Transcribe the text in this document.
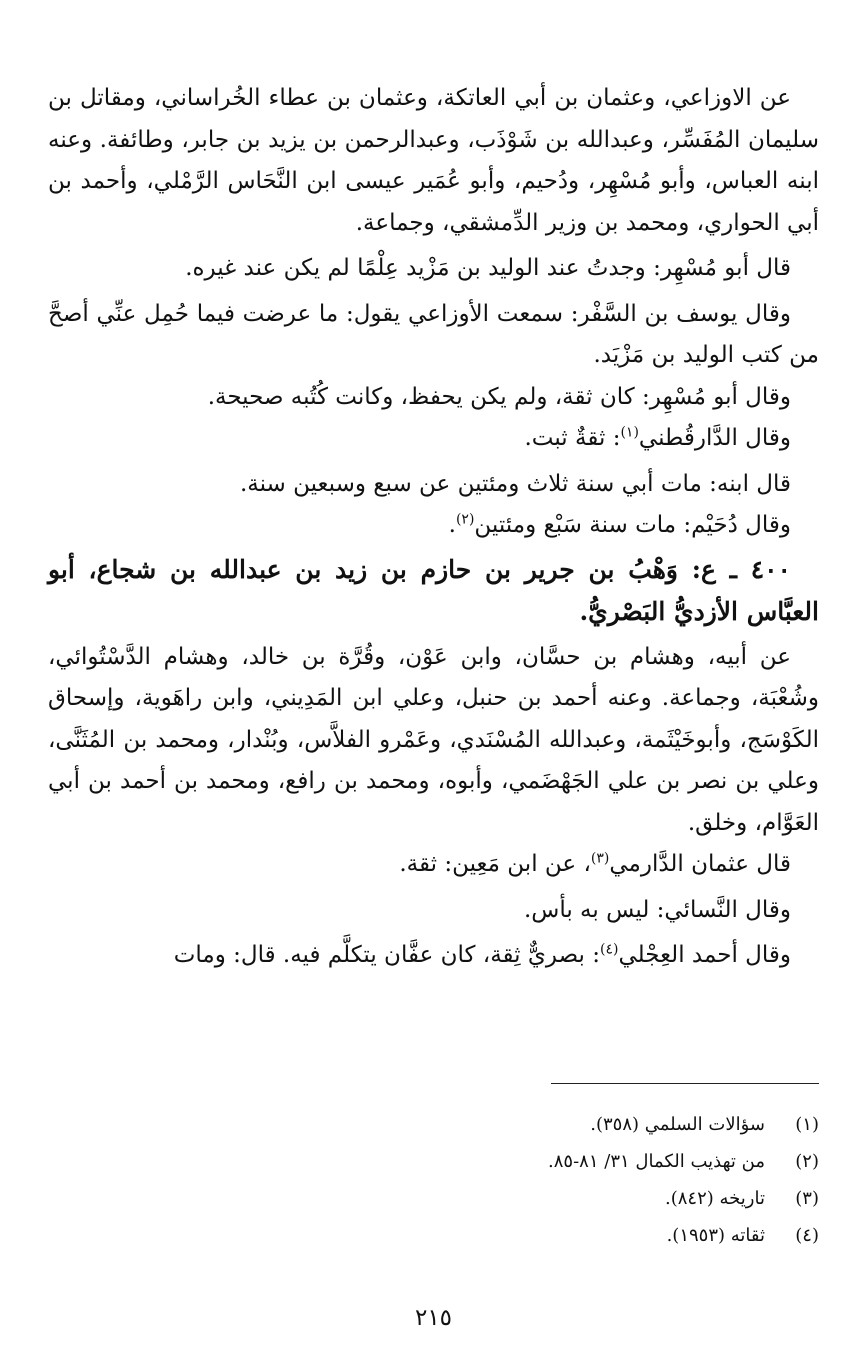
عن الاوزاعي، وعثمان بن أبي العاتكة، وعثمان بن عطاء الخُراساني، ومقاتل بن سليمان المُفَسِّر، وعبدالله بن شَوْذَب، وعبدالرحمن بن يزيد بن جابر، وطائفة. وعنه ابنه العباس، وأبو مُسْهِر، ودُحيم، وأبو عُمَير عيسى ابن النَّحَاس الرَّمْلي، وأحمد بن أبي الحواري، ومحمد بن وزير الدِّمشقي، وجماعة.

قال أبو مُسْهِر: وجدتُ عند الوليد بن مَزْيد عِلْمًا لم يكن عند غيره.

وقال يوسف بن السَّفْر: سمعت الأوزاعي يقول: ما عرضت فيما حُمِل عنِّي أصحَّ من كتب الوليد بن مَزْيَد.

وقال أبو مُسْهِر: كان ثقة، ولم يكن يحفظ، وكانت كُتُبه صحيحة.

وقال الدَّارقُطني$^{(١)}$: ثقةٌ ثبت.

قال ابنه: مات أبي سنة ثلاث ومئتين عن سبع وسبعين سنة.

وقال دُحَيْم: مات سنة سَبْع ومئتين$^{(٢)}$.

٤٠٠ ـ ع: وَهْبُ بن جرير بن حازم بن زيد بن عبدالله بن شجاع، أبو العبَّاس الأزديُّ البَصْريُّ.

عن أبيه، وهشام بن حسَّان، وابن عَوْن، وقُرَّة بن خالد، وهشام الدَّسْتُوائي، وشُعْبَة، وجماعة. وعنه أحمد بن حنبل، وعلي ابن المَدِيني، وابن راهَوية، وإسحاق الكَوْسَج، وأبوخَيْثَمة، وعبدالله المُسْنَدي، وعَمْرو الفلاَّس، وبُنْدار، ومحمد بن المُثَنَّى، وعلي بن نصر بن علي الجَهْضَمي، وأبوه، ومحمد بن رافع، ومحمد بن أحمد بن أبي العَوَّام، وخلق.

قال عثمان الدَّارمي$^{(٣)}$، عن ابن مَعِين: ثقة.

وقال النَّسائي: ليس به بأس.

وقال أحمد العِجْلي$^{(٤)}$: بصريٌّ ثِقة، كان عفَّان يتكلَّم فيه. قال: ومات

(١)
سؤالات السلمي (٣٥٨).
(٢)
من تهذيب الكمال ٣١/ ٨١-٨٥.
(٣)
تاريخه (٨٤٢).
(٤)
ثقاته (١٩٥٣).
٢١٥
